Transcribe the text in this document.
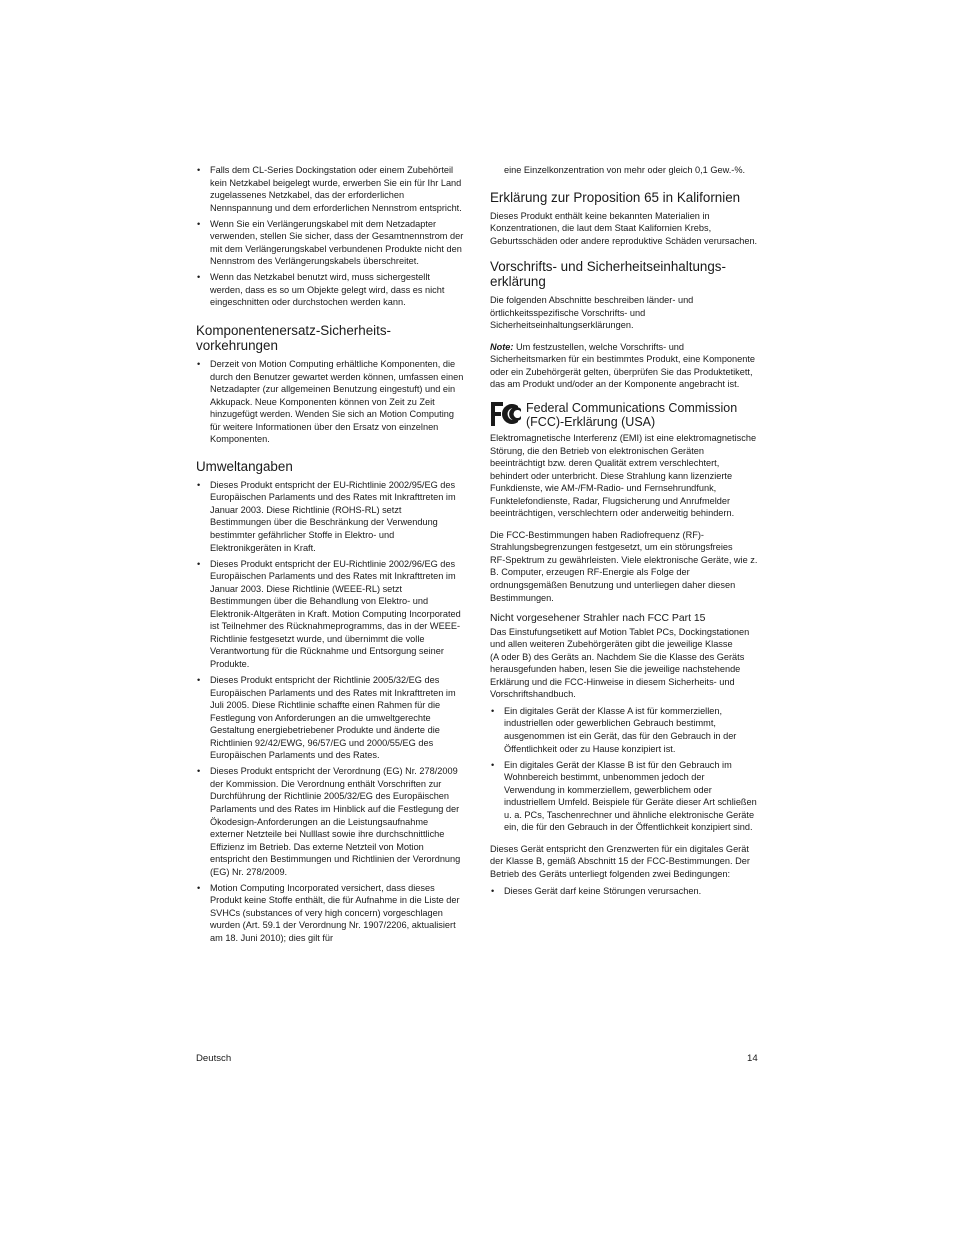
• Falls dem CL-Series Dockingstation oder einem Zubehörteil kein Netzkabel beigelegt wurde, erwerben Sie ein für Ihr Land zugelassenes Netzkabel, das der erforderlichen Nennspannung und dem erforderlichen Nennstrom entspricht.
• Wenn Sie ein Verlängerungskabel mit dem Netzadapter verwenden, stellen Sie sicher, dass der Gesamtnennstrom der mit dem Verlängerungskabel verbundenen Produkte nicht den Nennstrom des Verlängerungskabels überschreitet.
• Wenn das Netzkabel benutzt wird, muss sichergestellt werden, dass es so um Objekte gelegt wird, dass es nicht eingeschnitten oder durchstochen werden kann.
Komponentenersatz-Sicherheits-
vorkehrungen
• Derzeit von Motion Computing erhältliche Komponenten, die durch den Benutzer gewartet werden können, umfassen einen Netzadapter (zur allgemeinen Benutzung eingestuft) und ein Akkupack. Neue Komponenten können von Zeit zu Zeit hinzugefügt werden. Wenden Sie sich an Motion Computing für weitere Informationen über den Ersatz von einzelnen Komponenten.
Umweltangaben
• Dieses Produkt entspricht der EU-Richtlinie 2002/95/EG des Europäischen Parlaments und des Rates mit Inkrafttreten im Januar 2003. Diese Richtlinie (ROHS-RL) setzt Bestimmungen über die Beschränkung der Verwendung bestimmter gefährlicher Stoffe in Elektro- und Elektronikgeräten in Kraft.
• Dieses Produkt entspricht der EU-Richtlinie 2002/96/EG des Europäischen Parlaments und des Rates mit Inkrafttreten im Januar 2003. Diese Richtlinie (WEEE-RL) setzt Bestimmungen über die Behandlung von Elektro- und Elektronik-Altgeräten in Kraft. Motion Computing Incorporated ist Teilnehmer des Rücknahmeprogramms, das in der WEEE-Richtlinie festgesetzt wurde, und übernimmt die volle Verantwortung für die Rücknahme und Entsorgung seiner Produkte.
• Dieses Produkt entspricht der Richtlinie 2005/32/EG des Europäischen Parlaments und des Rates mit Inkrafttreten im Juli 2005. Diese Richtlinie schaffte einen Rahmen für die Festlegung von Anforderungen an die umweltgerechte Gestaltung energiebetriebener Produkte und änderte die Richtlinien 92/42/EWG, 96/57/EG und 2000/55/EG des Europäischen Parlaments und des Rates.
• Dieses Produkt entspricht der Verordnung (EG) Nr. 278/2009 der Kommission. Die Verordnung enthält Vorschriften zur Durchführung der Richtlinie 2005/32/EG des Europäischen Parlaments und des Rates im Hinblick auf die Festlegung der Ökodesign-Anforderungen an die Leistungsaufnahme externer Netzteile bei Nulllast sowie ihre durchschnittliche Effizienz im Betrieb. Das externe Netzteil von Motion entspricht den Bestimmungen und Richtlinien der Verordnung (EG) Nr. 278/2009.
• Motion Computing Incorporated versichert, dass dieses Produkt keine Stoffe enthält, die für Aufnahme in die Liste der SVHCs (substances of very high concern) vorgeschlagen wurden (Art. 59.1 der Verordnung Nr. 1907/2206, aktualisiert am 18. Juni 2010); dies gilt für

eine Einzelkonzentration von mehr oder gleich 0,1 Gew.-%.

Erklärung zur Proposition 65 in Kalifornien

Dieses Produkt enthält keine bekannten Materialien in Konzentrationen, die laut dem Staat Kalifornien Krebs, Geburtsschäden oder andere reproduktive Schäden verursachen.

Vorschrifts- und Sicherheitseinhaltungs-
erklärung

Die folgenden Abschnitte beschreiben länder- und örtlichkeitsspezifische Vorschrifts- und Sicherheitseinhaltungserklärungen.

Note: Um festzustellen, welche Vorschrifts- und Sicherheitsmarken für ein bestimmtes Produkt, eine Komponente oder ein Zubehörgerät gelten, überprüfen Sie das Produktetikett, das am Produkt und/oder an der Komponente angebracht ist.

Federal Communications Commission (FCC)-Erklärung (USA)

Elektromagnetische Interferenz (EMI) ist eine elektromagnetische Störung, die den Betrieb von elektronischen Geräten beeinträchtigt bzw. deren Qualität extrem verschlechtert, behindert oder unterbricht. Diese Strahlung kann lizenzierte Funkdienste, wie AM-/FM-Radio- und Fernsehrundfunk, Funktelefondienste, Radar, Flugsicherung und Anrufmelder beeinträchtigen, verschlechtern oder anderweitig behindern.

Die FCC-Bestimmungen haben Radiofrequenz (RF)-Strahlungsbegrenzungen festgesetzt, um ein störungsfreies
RF-Spektrum zu gewährleisten. Viele elektronische Geräte, wie z. B. Computer, erzeugen RF-Energie als Folge der ordnungsgemäßen Benutzung und unterliegen daher diesen Bestimmungen.

Nicht vorgesehener Strahler nach FCC Part 15

Das Einstufungsetikett auf Motion Tablet PCs, Dockingstationen und allen weiteren Zubehörgeräten gibt die jeweilige Klasse
(A oder B) des Geräts an. Nachdem Sie die Klasse des Geräts herausgefunden haben, lesen Sie die jeweilige nachstehende Erklärung und die FCC-Hinweise in diesem Sicherheits- und Vorschriftshandbuch.

• Ein digitales Gerät der Klasse A ist für kommerziellen, industriellen oder gewerblichen Gebrauch bestimmt, ausgenommen ist ein Gerät, das für den Gebrauch in der Öffentlichkeit oder zu Hause konzipiert ist.
• Ein digitales Gerät der Klasse B ist für den Gebrauch im Wohnbereich bestimmt, unbenommen jedoch der Verwendung in kommerziellem, gewerblichem oder industriellem Umfeld. Beispiele für Geräte dieser Art schließen u. a. PCs, Taschenrechner und ähnliche elektronische Geräte ein, die für den Gebrauch in der Öffentlichkeit konzipiert sind.

Dieses Gerät entspricht den Grenzwerten für ein digitales Gerät der Klasse B, gemäß Abschnitt 15 der FCC-Bestimmungen. Der Betrieb des Geräts unterliegt folgenden zwei Bedingungen:

• Dieses Gerät darf keine Störungen verursachen.
Deutsch	14
